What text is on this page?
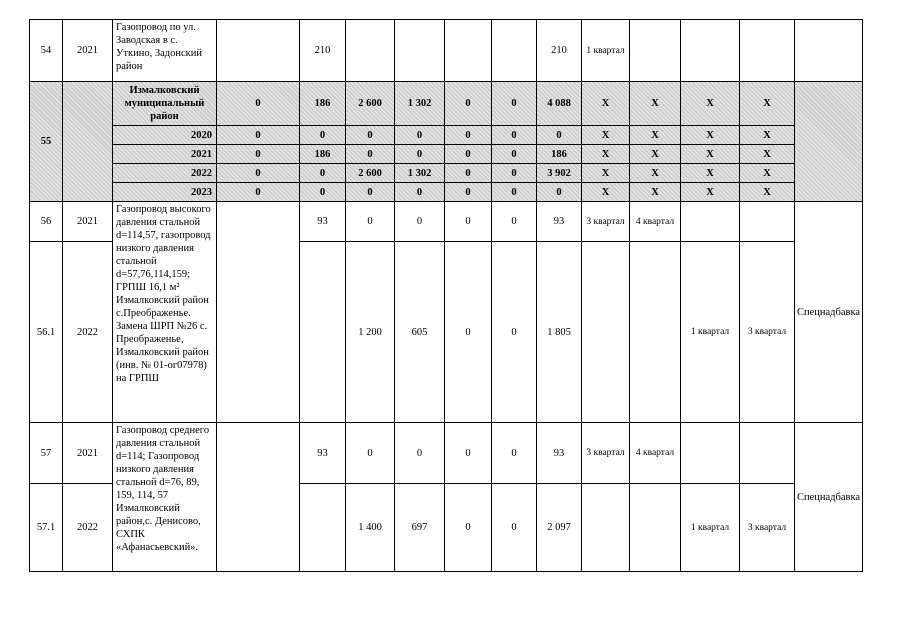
54	2021	Газопровод по ул. Заводская в с. Уткино, Задонский район		210					210	1 квартал				
55		Измалковский муниципальный район	0	186	2 600	1 302	0	0	4 088	X	X	X	X	
		2020	0	0	0	0	0	0	0	X	X	X	X	
		2021	0	186	0	0	0	0	186	X	X	X	X	
		2022	0	0	2 600	1 302	0	0	3 902	X	X	X	X	
		2023	0	0	0	0	0	0	0	X	X	X	X	
56	2021	Газопровод высокого давления стальной d=114,57, газопровод низкого давления стальной d=57,76,114,159; ГРПШ 16,1 м² Измалковский район с.Преображенье. Замена ШРП №26 с. Преображенье, Измалковский район (инв. № 01-ог07978) на ГРПШ		93	0	0	0	0	93	3 квартал	4 квартал			Спецнадбавка
56.1	2022				1 200	605	0	0	1 805			1 квартал	3 квартал	
57	2021	Газопровод среднего давления стальной d=114; Газопровод низкого давления стальной d=76, 89, 159, 114, 57 Измалковский район,с. Денисово, СХПК «Афанасьевский».		93	0	0	0	0	93	3 квартал	4 квартал			Спецнадбавка
57.1	2022				1 400	697	0	0	2 097			1 квартал	3 квартал	
